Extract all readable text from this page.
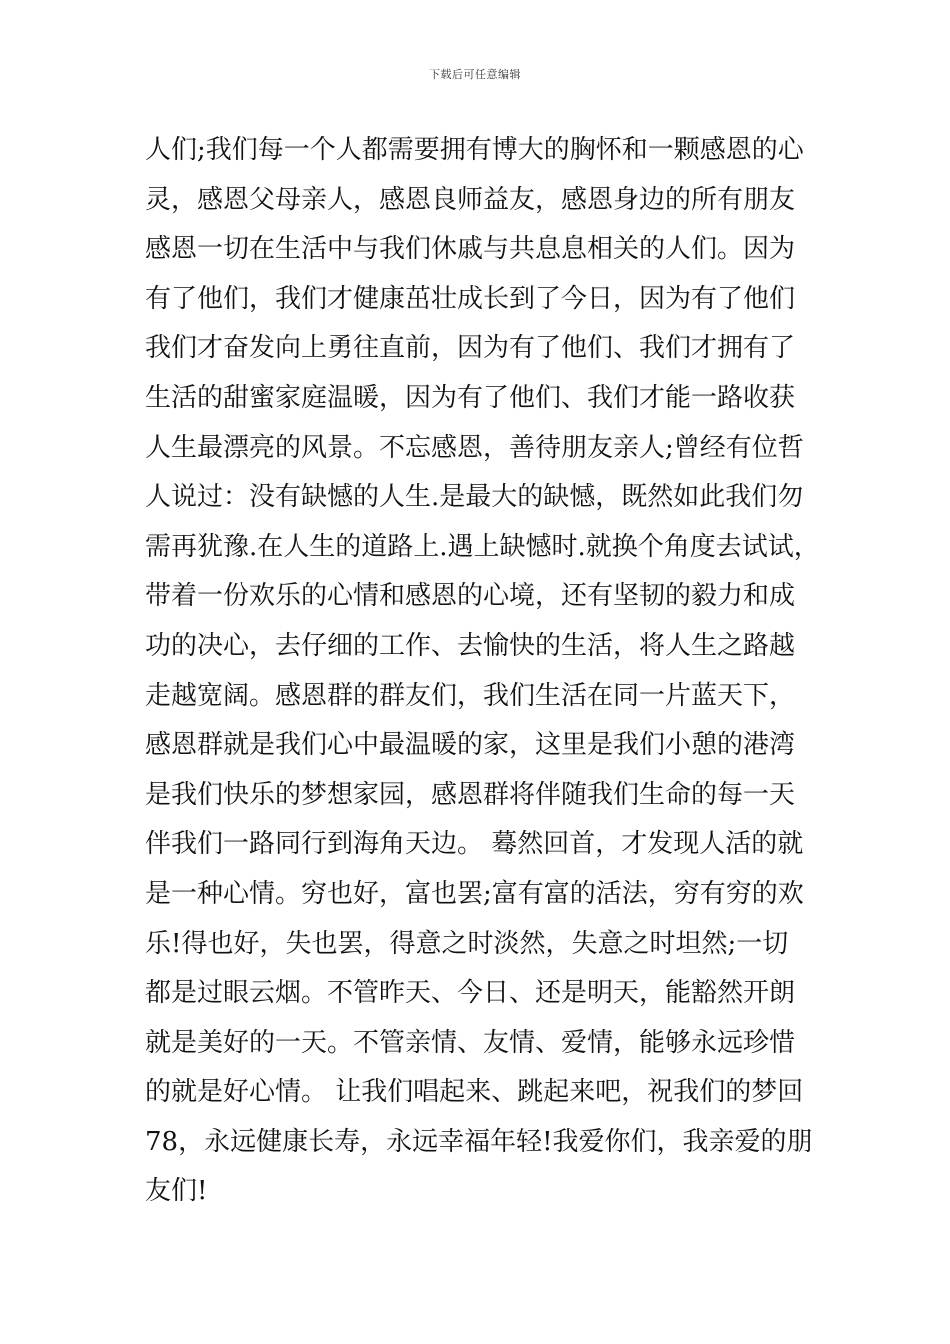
下载后可任意编辑
人们;我们每一个人都需要拥有博大的胸怀和一颗感恩的心
灵，感恩父母亲人，感恩良师益友，感恩身边的所有朋友
感恩一切在生活中与我们休戚与共息息相关的人们。因为
有了他们，我们才健康茁壮成长到了今日，因为有了他们
我们才奋发向上勇往直前，因为有了他们、我们才拥有了
生活的甜蜜家庭温暖，因为有了他们、我们才能一路收获
人生最漂亮的风景。不忘感恩，善待朋友亲人;曾经有位哲
人说过：没有缺憾的人生.是最大的缺憾，既然如此我们勿
需再犹豫.在人生的道路上.遇上缺憾时.就换个角度去试试，
带着一份欢乐的心情和感恩的心境，还有坚韧的毅力和成
功的决心，去仔细的工作、去愉快的生活，将人生之路越
走越宽阔。感恩群的群友们，我们生活在同一片蓝天下，
感恩群就是我们心中最温暖的家，这里是我们小憩的港湾
是我们快乐的梦想家园，感恩群将伴随我们生命的每一天
伴我们一路同行到海角天边。 蓦然回首，才发现人活的就
是一种心情。穷也好，富也罢;富有富的活法，穷有穷的欢
乐!得也好，失也罢，得意之时淡然，失意之时坦然;一切
都是过眼云烟。不管昨天、今日、还是明天，能豁然开朗
就是美好的一天。不管亲情、友情、爱情，能够永远珍惜
的就是好心情。 让我们唱起来、跳起来吧，祝我们的梦回
78，永远健康长寿，永远幸福年轻!我爱你们，我亲爱的朋
友们!
